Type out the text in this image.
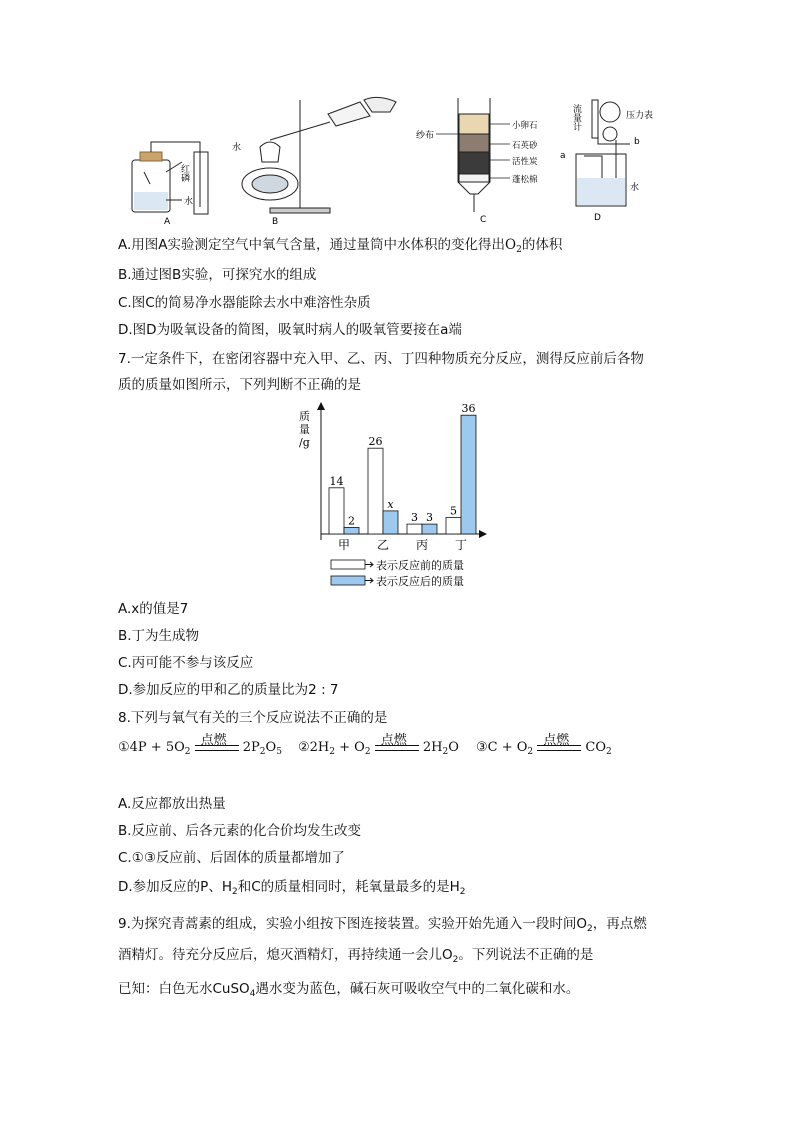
红磷
水
A
水
B
纱布
小卵石
石英砂
活性炭
蓬松棉
C
流量计	压力表
a
b
水
D
A.用图A实验测定空气中氧气含量，通过量筒中水体积的变化得出$O_2$的体积
B.通过图B实验，可探究水的组成
C.图C的简易净水器能除去水中难溶性杂质
D.图D为吸氧设备的简图，吸氧时病人的吸氧管要接在a端
7.一定条件下，在密闭容器中充入甲、乙、丙、丁四种物质充分反应，测得反应前后各物
质的质量如图所示，下列判断不正确的是
质量/g
14
2
甲
26
x
乙
3 3
丙
5
36
丁
表示反应前的质量
表示反应后的质量
A.x的值是7
B.丁为生成物
C.丙可能不参与该反应
D.参加反应的甲和乙的质量比为2 : 7
8.下列与氧气有关的三个反应说法不正确的是
①4P + $5O_2$
点燃 $2P_2O_5$ $②2H_2 + O_2$
点燃 $2H_2O$ ③C + $O_2$
点燃 $CO_2$
A.反应都放出热量
B.反应前、后各元素的化合价均发生改变
C.①③反应前、后固体的质量都增加了
D.参加反应的P、$H_2$和C的质量相同时，耗氧量最多的是$H_2$
9.为探究青蒿素的组成，实验小组按下图连接装置。实验开始先通入一段时间$O_2$，再点燃
酒精灯。待充分反应后，熄灭酒精灯，再持续通一会儿$O_2$。下列说法不正确的是
已知：白色无水CuSO$_4$遇水变为蓝色，碱石灰可吸收空气中的二氧化碳和水。
